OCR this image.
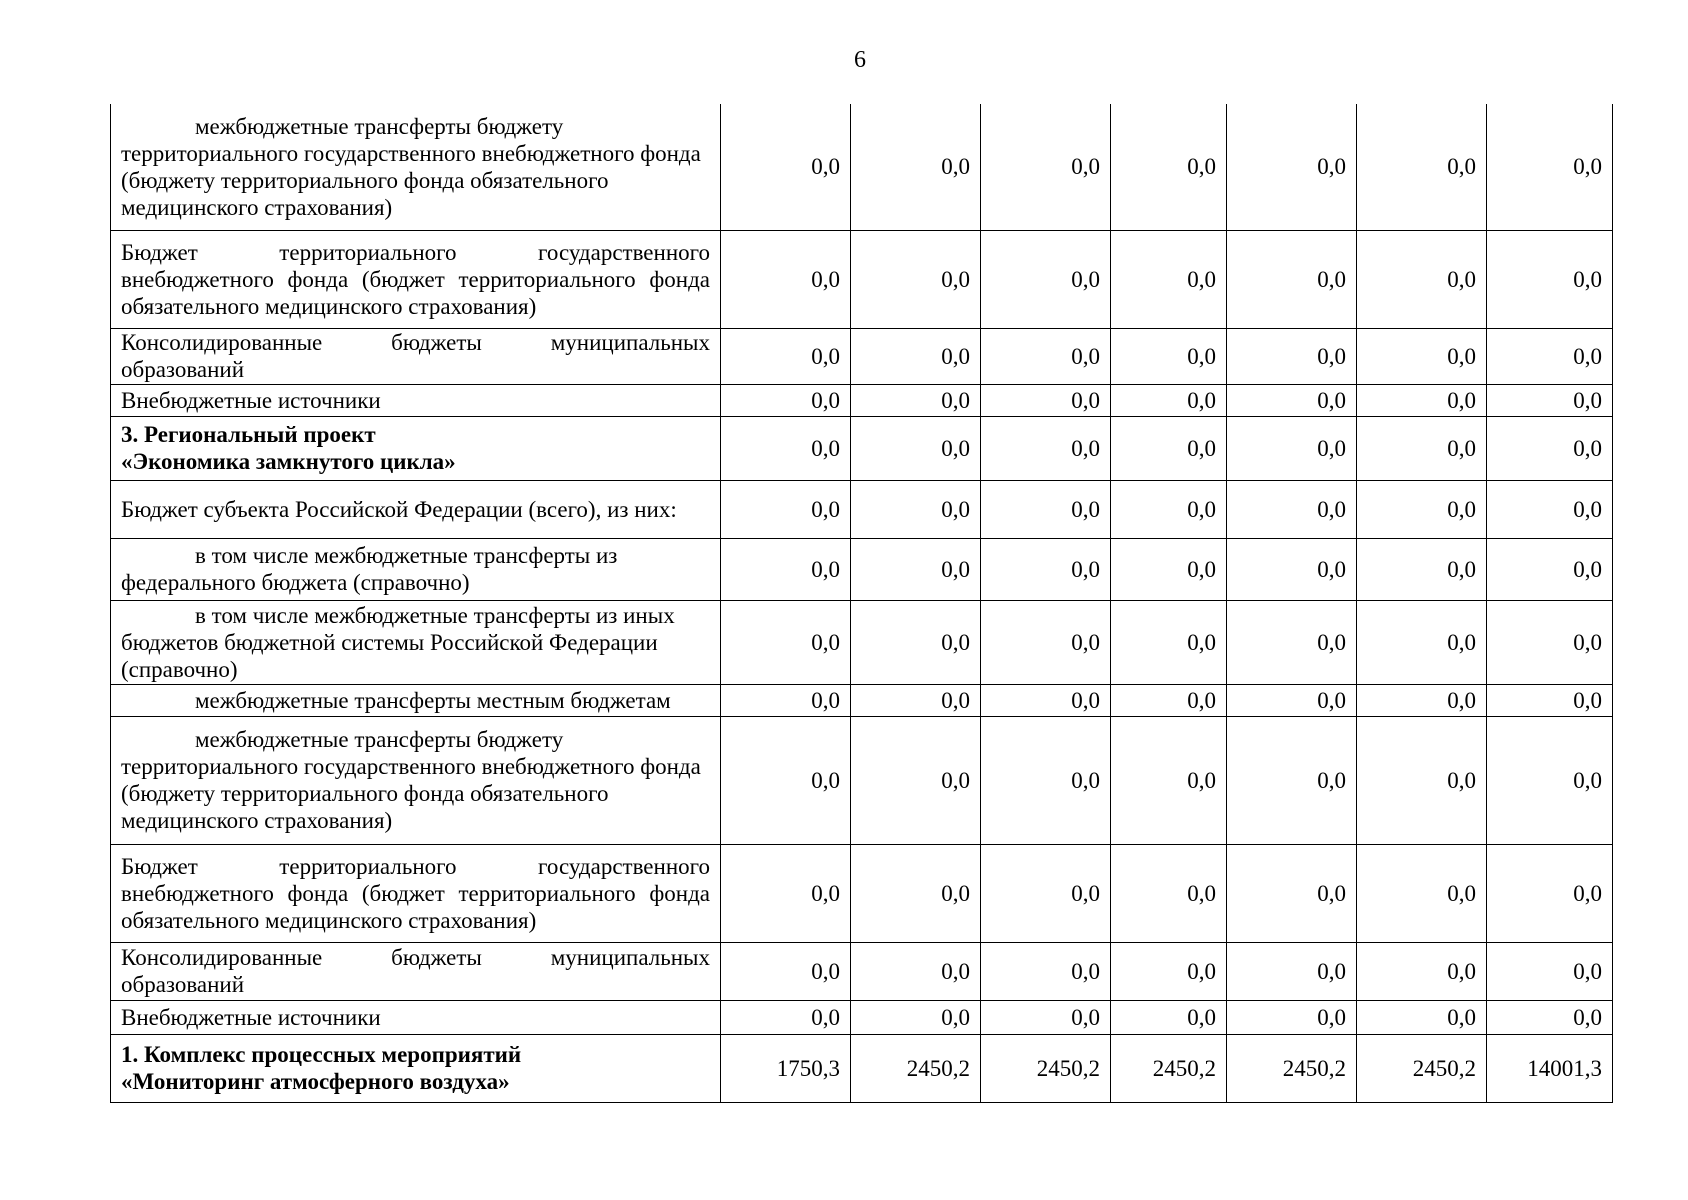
6
межбюджетные трансферты бюджету территориального государственного внебюджетного фонда (бюджету территориального фонда обязательного медицинского страхования)	0,0	0,0	0,0	0,0	0,0	0,0	0,0
Бюджет территориального государственного внебюджетного фонда (бюджет территориального фонда обязательного медицинского страхования)	0,0	0,0	0,0	0,0	0,0	0,0	0,0
Консолидированные бюджеты муниципальных образований	0,0	0,0	0,0	0,0	0,0	0,0	0,0
Внебюджетные источники	0,0	0,0	0,0	0,0	0,0	0,0	0,0

3. Региональный проект
«Экономика замкнутого цикла»	0,0	0,0	0,0	0,0	0,0	0,0	0,0
Бюджет субъекта Российской Федерации (всего), из них:	0,0	0,0	0,0	0,0	0,0	0,0	0,0
в том числе межбюджетные трансферты из федерального бюджета (справочно)	0,0	0,0	0,0	0,0	0,0	0,0	0,0
в том числе межбюджетные трансферты из иных бюджетов бюджетной системы Российской Федерации (справочно)	0,0	0,0	0,0	0,0	0,0	0,0	0,0
межбюджетные трансферты местным бюджетам	0,0	0,0	0,0	0,0	0,0	0,0	0,0
межбюджетные трансферты бюджету территориального государственного внебюджетного фонда (бюджету территориального фонда обязательного медицинского страхования)	0,0	0,0	0,0	0,0	0,0	0,0	0,0
Бюджет территориального государственного внебюджетного фонда (бюджет территориального фонда обязательного медицинского страхования)	0,0	0,0	0,0	0,0	0,0	0,0	0,0
Консолидированные бюджеты муниципальных образований	0,0	0,0	0,0	0,0	0,0	0,0	0,0
Внебюджетные источники	0,0	0,0	0,0	0,0	0,0	0,0	0,0

1. Комплекс процессных мероприятий
«Мониторинг атмосферного воздуха»	1750,3	2450,2	2450,2	2450,2	2450,2	2450,2	14001,3
